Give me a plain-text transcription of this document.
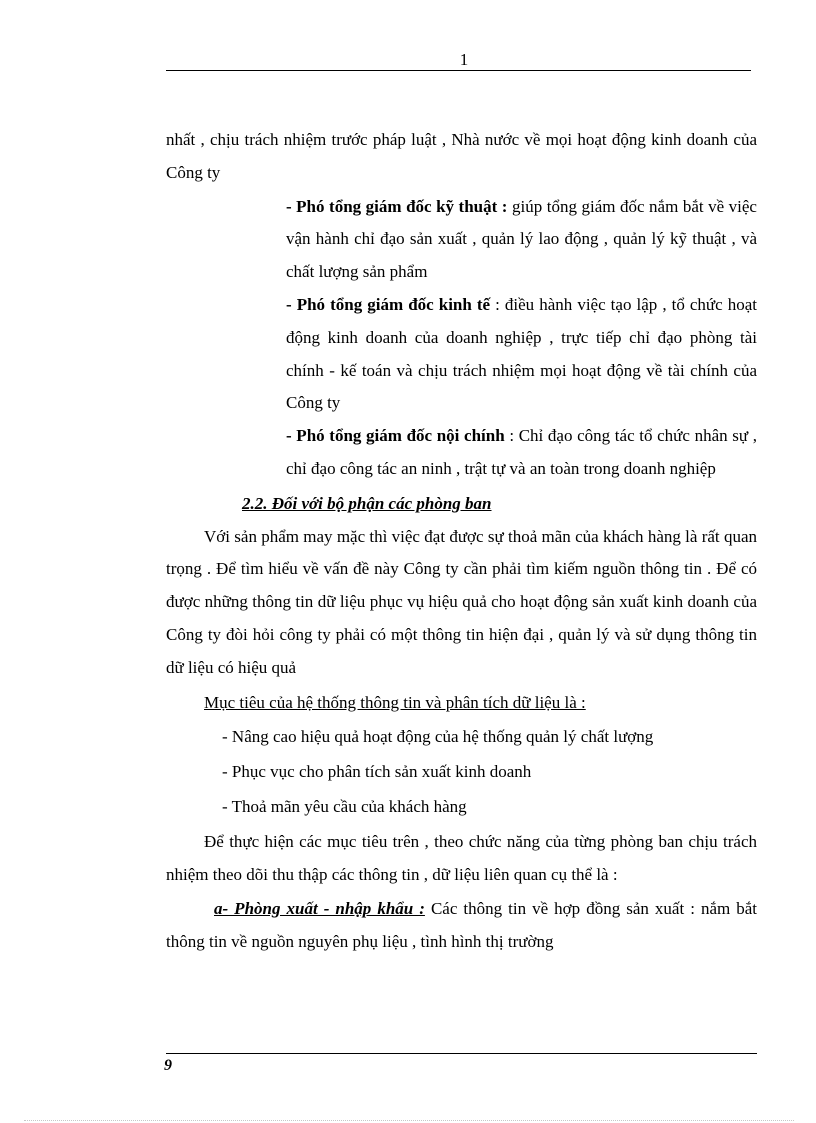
1

nhất , chịu trách nhiệm trước pháp luật , Nhà nước về mọi hoạt động kinh doanh của Công ty

- Phó tổng giám đốc kỹ thuật : giúp tổng giám đốc nắm bắt về việc vận hành chỉ đạo sản xuất , quản lý lao động , quản lý kỹ thuật , và chất lượng sản phẩm

- Phó tổng giám đốc kinh tế : điều hành việc tạo lập , tổ chức hoạt động kinh doanh của doanh nghiệp , trực tiếp chỉ đạo phòng tài chính - kế toán và chịu trách nhiệm mọi hoạt động về tài chính của Công ty

- Phó tổng giám đốc nội chính : Chỉ đạo công tác tổ chức nhân sự , chỉ đạo công tác an ninh , trật tự và an toàn trong doanh nghiệp

2.2. Đối với bộ phận các phòng ban

Với sản phẩm may mặc thì việc đạt được sự thoả mãn của khách hàng là rất quan trọng . Để tìm hiểu về vấn đề này Công ty cần phải tìm kiếm nguồn thông tin . Để có được những thông tin dữ liệu phục vụ hiệu quả cho hoạt động sản xuất kinh doanh của Công ty đòi hỏi công ty phải có một thông tin hiện đại , quản lý và sử dụng thông tin dữ liệu có hiệu quả

Mục tiêu của hệ thống thông tin và phân tích dữ liệu là :

- Nâng cao hiệu quả hoạt động của hệ thống quản lý chất lượng

- Phục vục cho phân tích sản xuất kinh doanh

- Thoả mãn yêu cầu của khách hàng

Để thực hiện các mục tiêu trên , theo chức năng của từng phòng ban chịu trách nhiệm theo dõi thu thập các thông tin , dữ liệu liên quan cụ thể là :

a- Phòng xuất - nhập khẩu : Các thông tin về hợp đồng sản xuất : nắm bắt thông tin về nguồn nguyên phụ liệu , tình hình thị trường

9
